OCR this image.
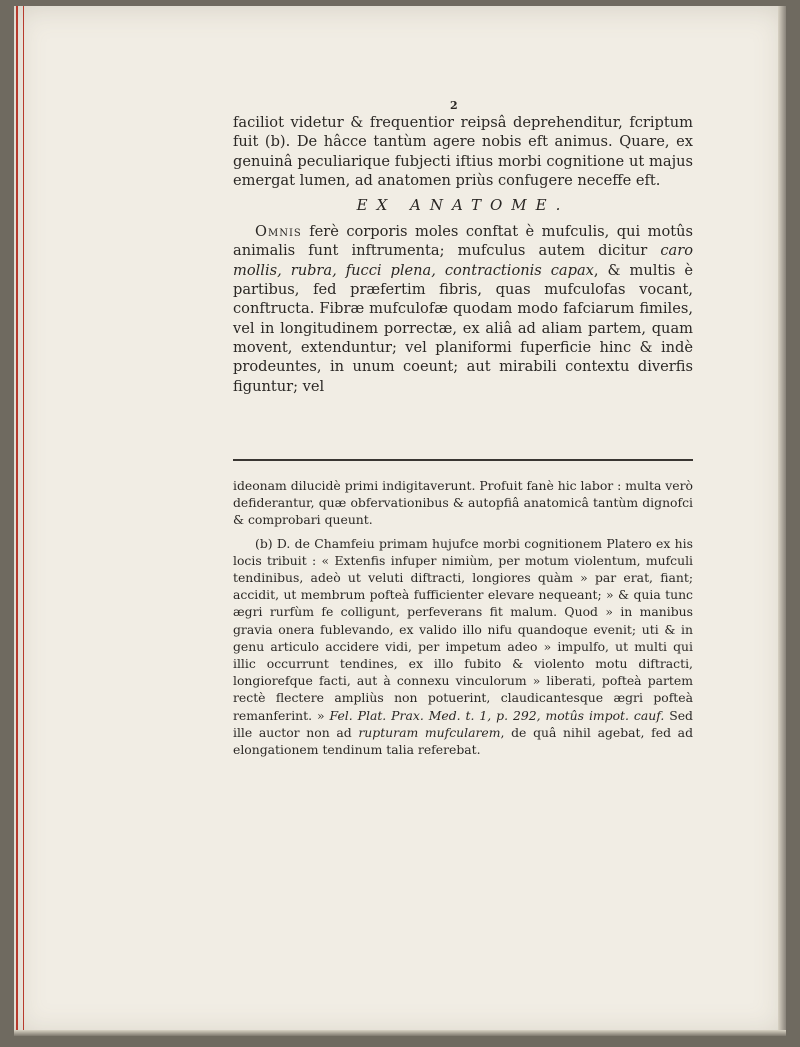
2

faciliot videtur & frequentior reipsâ deprehenditur, fcriptum fuit (b). De hâcce tantùm agere nobis eft animus. Quare, ex genuinâ peculiarique fubjecti iftius morbi cognitione ut majus emergat lumen, ad anatomen priùs confugere neceffe eft.

EX ANATOME.

Omnis ferè corporis moles conftat è mufculis, qui motûs animalis funt inftrumenta; mufculus autem dicitur caro mollis, rubra, fucci plena, contractionis capax, & multis è partibus, fed præfertim fibris, quas mufculofas vocant, conftructa. Fibræ mufculofæ quodam modo fafciarum fimiles, vel in longitudinem porrectæ, ex aliâ ad aliam partem, quam movent, extenduntur; vel planiformi fuperficie hinc & indè prodeuntes, in unum coeunt; aut mirabili contextu diverfis figuntur; vel

ideonam dilucidè primi indigitaverunt. Profuit fanè hic labor : multa verò defiderantur, quæ obfervationibus & autopfiâ anatomicâ tantùm dignofci & comprobari queunt.

(b) D. de Chamfeiu primam hujufce morbi cognitionem Platero ex his locis tribuit : « Extenfis infuper nimiùm, per motum violentum, mufculi tendinibus, adeò ut veluti diftracti, longiores quàm » par erat, fiant; accidit, ut membrum pofteà fufficienter elevare nequeant; » & quia tunc ægri rurfùm fe colligunt, perfeverans fit malum. Quod » in manibus gravia onera fublevando, ex valido illo nifu quandoque evenit; uti & in genu articulo accidere vidi, per impetum adeo » impulfo, ut multi qui illic occurrunt tendines, ex illo fubito & violento motu diftracti, longiorefque facti, aut à connexu vinculorum » liberati, pofteà partem rectè flectere ampliùs non potuerint, claudicantesque ægri pofteà remanferint. » Fel. Plat. Prax. Med. t. 1, p. 292, motûs impot. cauf. Sed ille auctor non ad rupturam mufcularem, de quâ nihil agebat, fed ad elongationem tendinum talia referebat.
